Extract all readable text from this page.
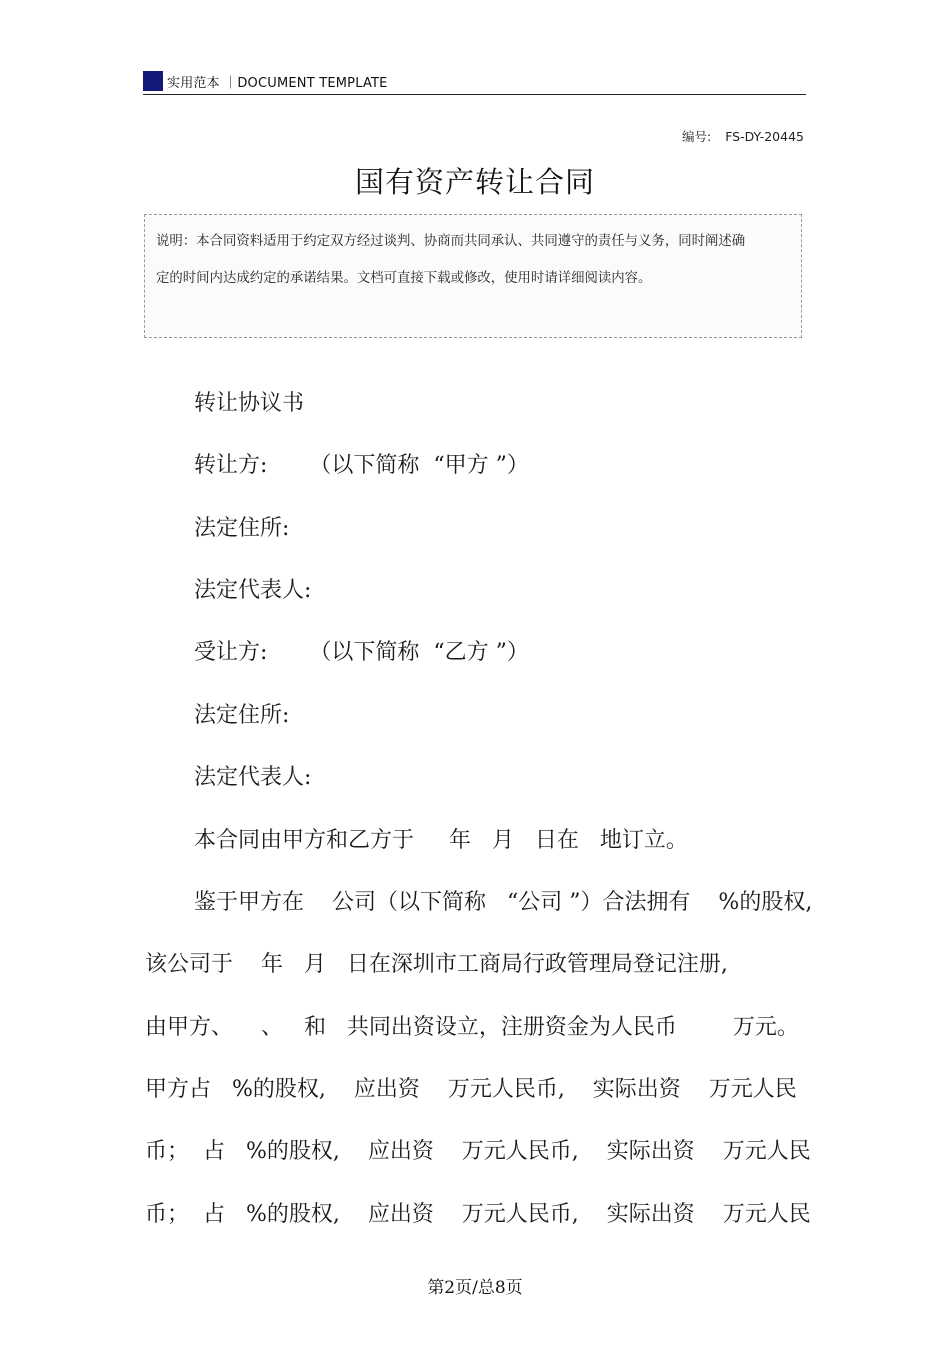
实用范本 ｜DOCUMENT TEMPLATE
编号: FS-DY-20445
国有资产转让合同
说明：本合同资料适用于约定双方经过谈判、协商而共同承认、共同遵守的责任与义务，同时阐述确定的时间内达成约定的承诺结果。文档可直接下载或修改，使用时请详细阅读内容。
转让协议书
转让方:      （以下简称  “甲方 ”）
法定住所:
法定代表人:
受让方:      （以下简称  “乙方 ”）
法定住所:
法定代表人:
本合同由甲方和乙方于     年   月   日在   地订立。
鉴于甲方在    公司（以下简称   “公司 ”）合法拥有    %的股权,
该公司于    年   月   日在深圳市工商局行政管理局登记注册,
由甲方、    、   和   共同出资设立，注册资金为人民币        万元。
甲方占   %的股权,    应出资    万元人民币,    实际出资    万元人民
币；  占   %的股权,    应出资    万元人民币,    实际出资    万元人民
币；  占   %的股权,    应出资    万元人民币,    实际出资    万元人民
第2页/总8页
